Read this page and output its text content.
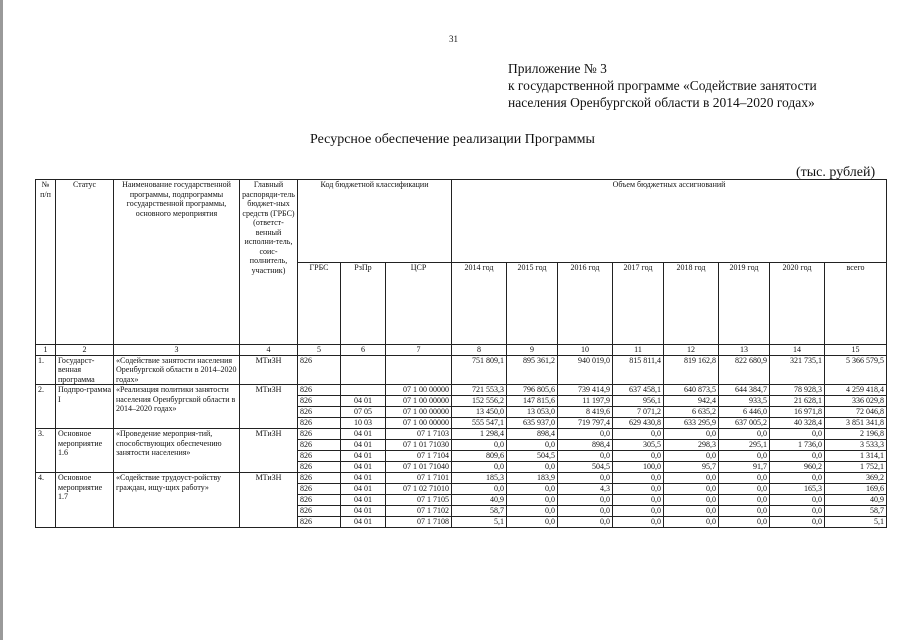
31
Приложение № 3
к государственной программе «Содействие занятости
населения Оренбургской области в 2014–2020 годах»
Ресурсное обеспечение реализации Программы
(тыс. рублей)
№ п/п	Статус	Наименование государственной программы, подпрограммы государственной программы, основного мероприятия	Главный распоряди-тель бюджет-ных средств (ГРБС) (ответст-венный исполни-тель, соис-полнитель, участник)	Код бюджетной классификации			Объем бюджетных ассигнований							
				ГРБС	РзПр	ЦСР	2014 год	2015 год	2016 год	2017 год	2018 год	2019 год	2020 год	всего
1	2	3	4	5	6	7	8	9	10	11	12	13	14	15
1.	Государст-венная программа	«Содействие занятости населения Оренбургской области в 2014–2020 годах»	МТиЗН	826			751 809,1	895 361,2	940 019,0	815 811,4	819 162,8	822 680,9	321 735,1	5 366 579,5
2.	Подпро-грамма I	«Реализация политики занятости населения Оренбургской области в 2014–2020 годах»	МТиЗН	826		07 1 00 00000	721 553,3	796 805,6	739 414,9	637 458,1	640 873,5	644 384,7	78 928,3	4 259 418,4
				826	04 01	07 1 00 00000	152 556,2	147 815,6	11 197,9	956,1	942,4	933,5	21 628,1	336 029,8
				826	07 05	07 1 00 00000	13 450,0	13 053,0	8 419,6	7 071,2	6 635,2	6 446,0	16 971,8	72 046,8
				826	10 03	07 1 00 00000	555 547,1	635 937,0	719 797,4	629 430,8	633 295,9	637 005,2	40 328,4	3 851 341,8
3.	Основное мероприятие 1.6	«Проведение мероприя-тий, способствующих обеспечению занятости населения»	МТиЗН	826	04 01	07 1 7103	1 298,4	898,4	0,0	0,0	0,0	0,0	0,0	2 196,8
				826	04 01	07 1 01 71030	0,0	0,0	898,4	305,5	298,3	295,1	1 736,0	3 533,3
				826	04 01	07 1 7104	809,6	504,5	0,0	0,0	0,0	0,0	0,0	1 314,1
				826	04 01	07 1 01 71040	0,0	0,0	504,5	100,0	95,7	91,7	960,2	1 752,1
4.	Основное мероприятие 1.7	«Содействие трудоуст-ройству граждан, ищу-щих работу»	МТиЗН	826	04 01	07 1 7101	185,3	183,9	0,0	0,0	0,0	0,0	0,0	369,2
				826	04 01	07 1 02 71010	0,0	0,0	4,3	0,0	0,0	0,0	165,3	169,6
				826	04 01	07 1 7105	40,9	0,0	0,0	0,0	0,0	0,0	0,0	40,9
				826	04 01	07 1 7102	58,7	0,0	0,0	0,0	0,0	0,0	0,0	58,7
				826	04 01	07 1 7108	5,1	0,0	0,0	0,0	0,0	0,0	0,0	5,1
